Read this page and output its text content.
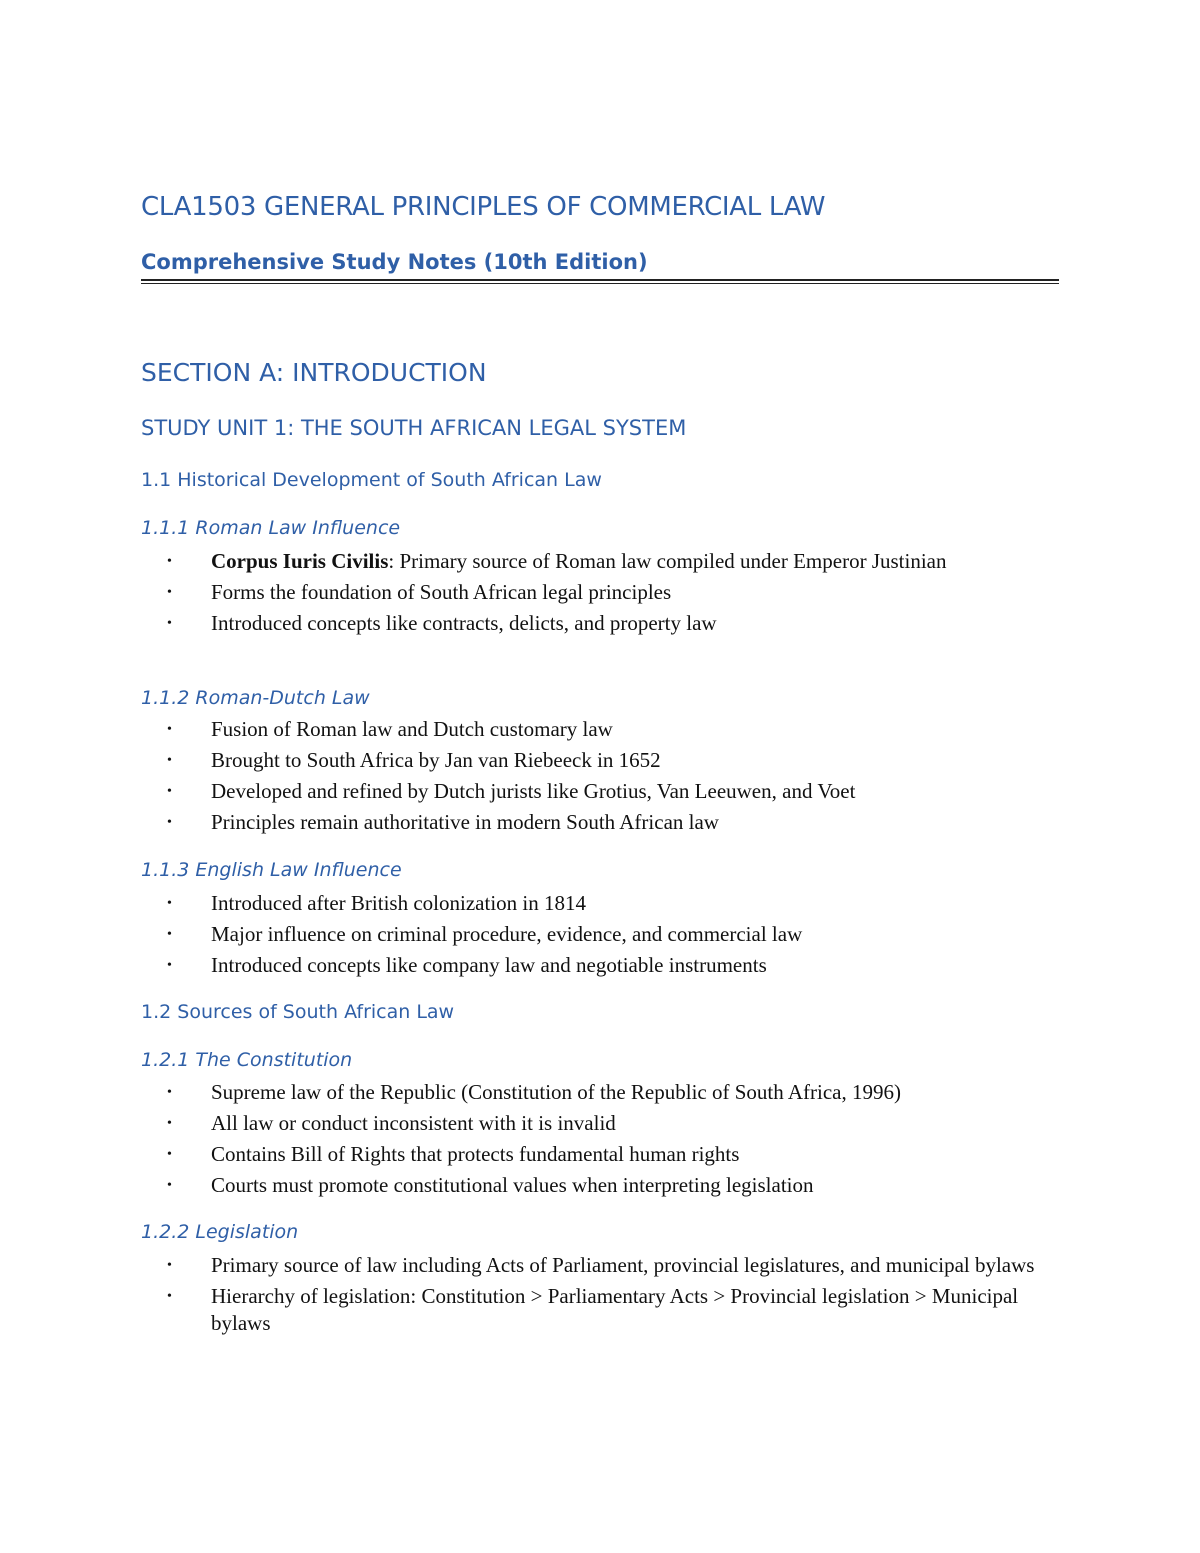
CLA1503 GENERAL PRINCIPLES OF COMMERCIAL LAW
Comprehensive Study Notes (10th Edition)
SECTION A: INTRODUCTION
STUDY UNIT 1: THE SOUTH AFRICAN LEGAL SYSTEM
1.1 Historical Development of South African Law
1.1.1 Roman Law Influence
• Corpus Iuris Civilis: Primary source of Roman law compiled under Emperor Justinian
• Forms the foundation of South African legal principles
• Introduced concepts like contracts, delicts, and property law
1.1.2 Roman-Dutch Law
• Fusion of Roman law and Dutch customary law
• Brought to South Africa by Jan van Riebeeck in 1652
• Developed and refined by Dutch jurists like Grotius, Van Leeuwen, and Voet
• Principles remain authoritative in modern South African law
1.1.3 English Law Influence
• Introduced after British colonization in 1814
• Major influence on criminal procedure, evidence, and commercial law
• Introduced concepts like company law and negotiable instruments
1.2 Sources of South African Law
1.2.1 The Constitution
• Supreme law of the Republic (Constitution of the Republic of South Africa, 1996)
• All law or conduct inconsistent with it is invalid
• Contains Bill of Rights that protects fundamental human rights
• Courts must promote constitutional values when interpreting legislation
1.2.2 Legislation
• Primary source of law including Acts of Parliament, provincial legislatures, and municipal bylaws
• Hierarchy of legislation: Constitution > Parliamentary Acts > Provincial legislation > Municipal bylaws
